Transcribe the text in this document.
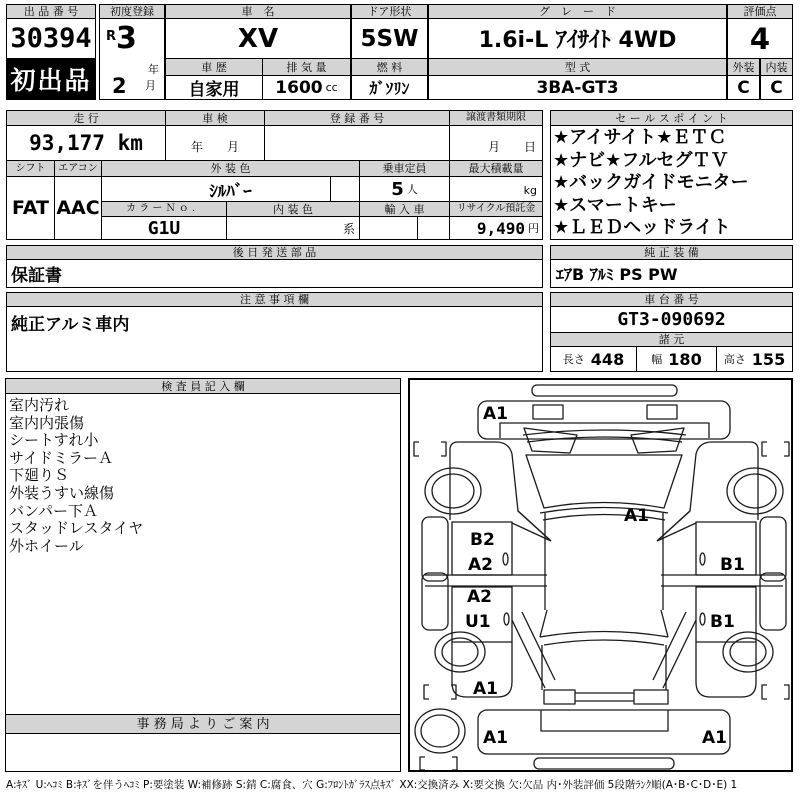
出 品 番 号
30394
初出品
初度登録
R 3
年
2 月
車　名
XV
車 歴
自家用
排 気 量
1600 cc
ドア形状
5SW
燃 料
ｶﾞｿﾘﾝ
グ　レ　ー　ド
1.6i-L ｱｲｻｲﾄ 4WD
型 式
3BA-GT3
評価点
4
外装	内装
C	C
走 行
93,177 km
車 検
年　　月
登 録 番 号	譲渡書類期限
月　　日
シフト
FAT
エアコン
AAC
外 装 色
ｼﾙﾊﾞｰ
乗車定員
5 人
最大積載量
kg
カ ラ ー Ｎ ｏ ．
G1U
内 装 色
系
輸 入 車	リサイクル預託金
9,490 円
セ ー ル ス ポ イ ン ト
★アイサイト★ＥＴＣ
★ナビ★フルセグＴＶ
★バックガイドモニター
★スマートキー
★ＬＥＤヘッドライト
後 日 発 送 部 品
保証書
純 正 装 備
ｴｱB ｱﾙﾐ PS PW
注 意 事 項 欄
純正アルミ車内
車 台 番 号
GT3-090692
諸 元
長さ 448 幅 180 高さ 155
検 査 員 記 入 欄
室内汚れ
室内内張傷
シートすれ小
サイドミラーＡ
下廻りＳ
外装うすい線傷
バンパー下Ａ
スタッドレスタイヤ
外ホイール
事 務 局 よ り ご 案 内
A1
A1
B2
A2	B1
A2
U1	B1
A1
A1	A1
A:ｷｽﾞ U:ﾍｺﾐ B:ｷｽﾞを伴うﾍｺﾐ P:要塗装 W:補修跡 S:錆 C:腐食、穴 G:ﾌﾛﾝﾄｶﾞﾗｽ点ｷｽﾞ XX:交換済み X:要交換 欠:欠品 内･外装評価 5段階ﾗﾝｸ順(A･B･C･D･E) 1
